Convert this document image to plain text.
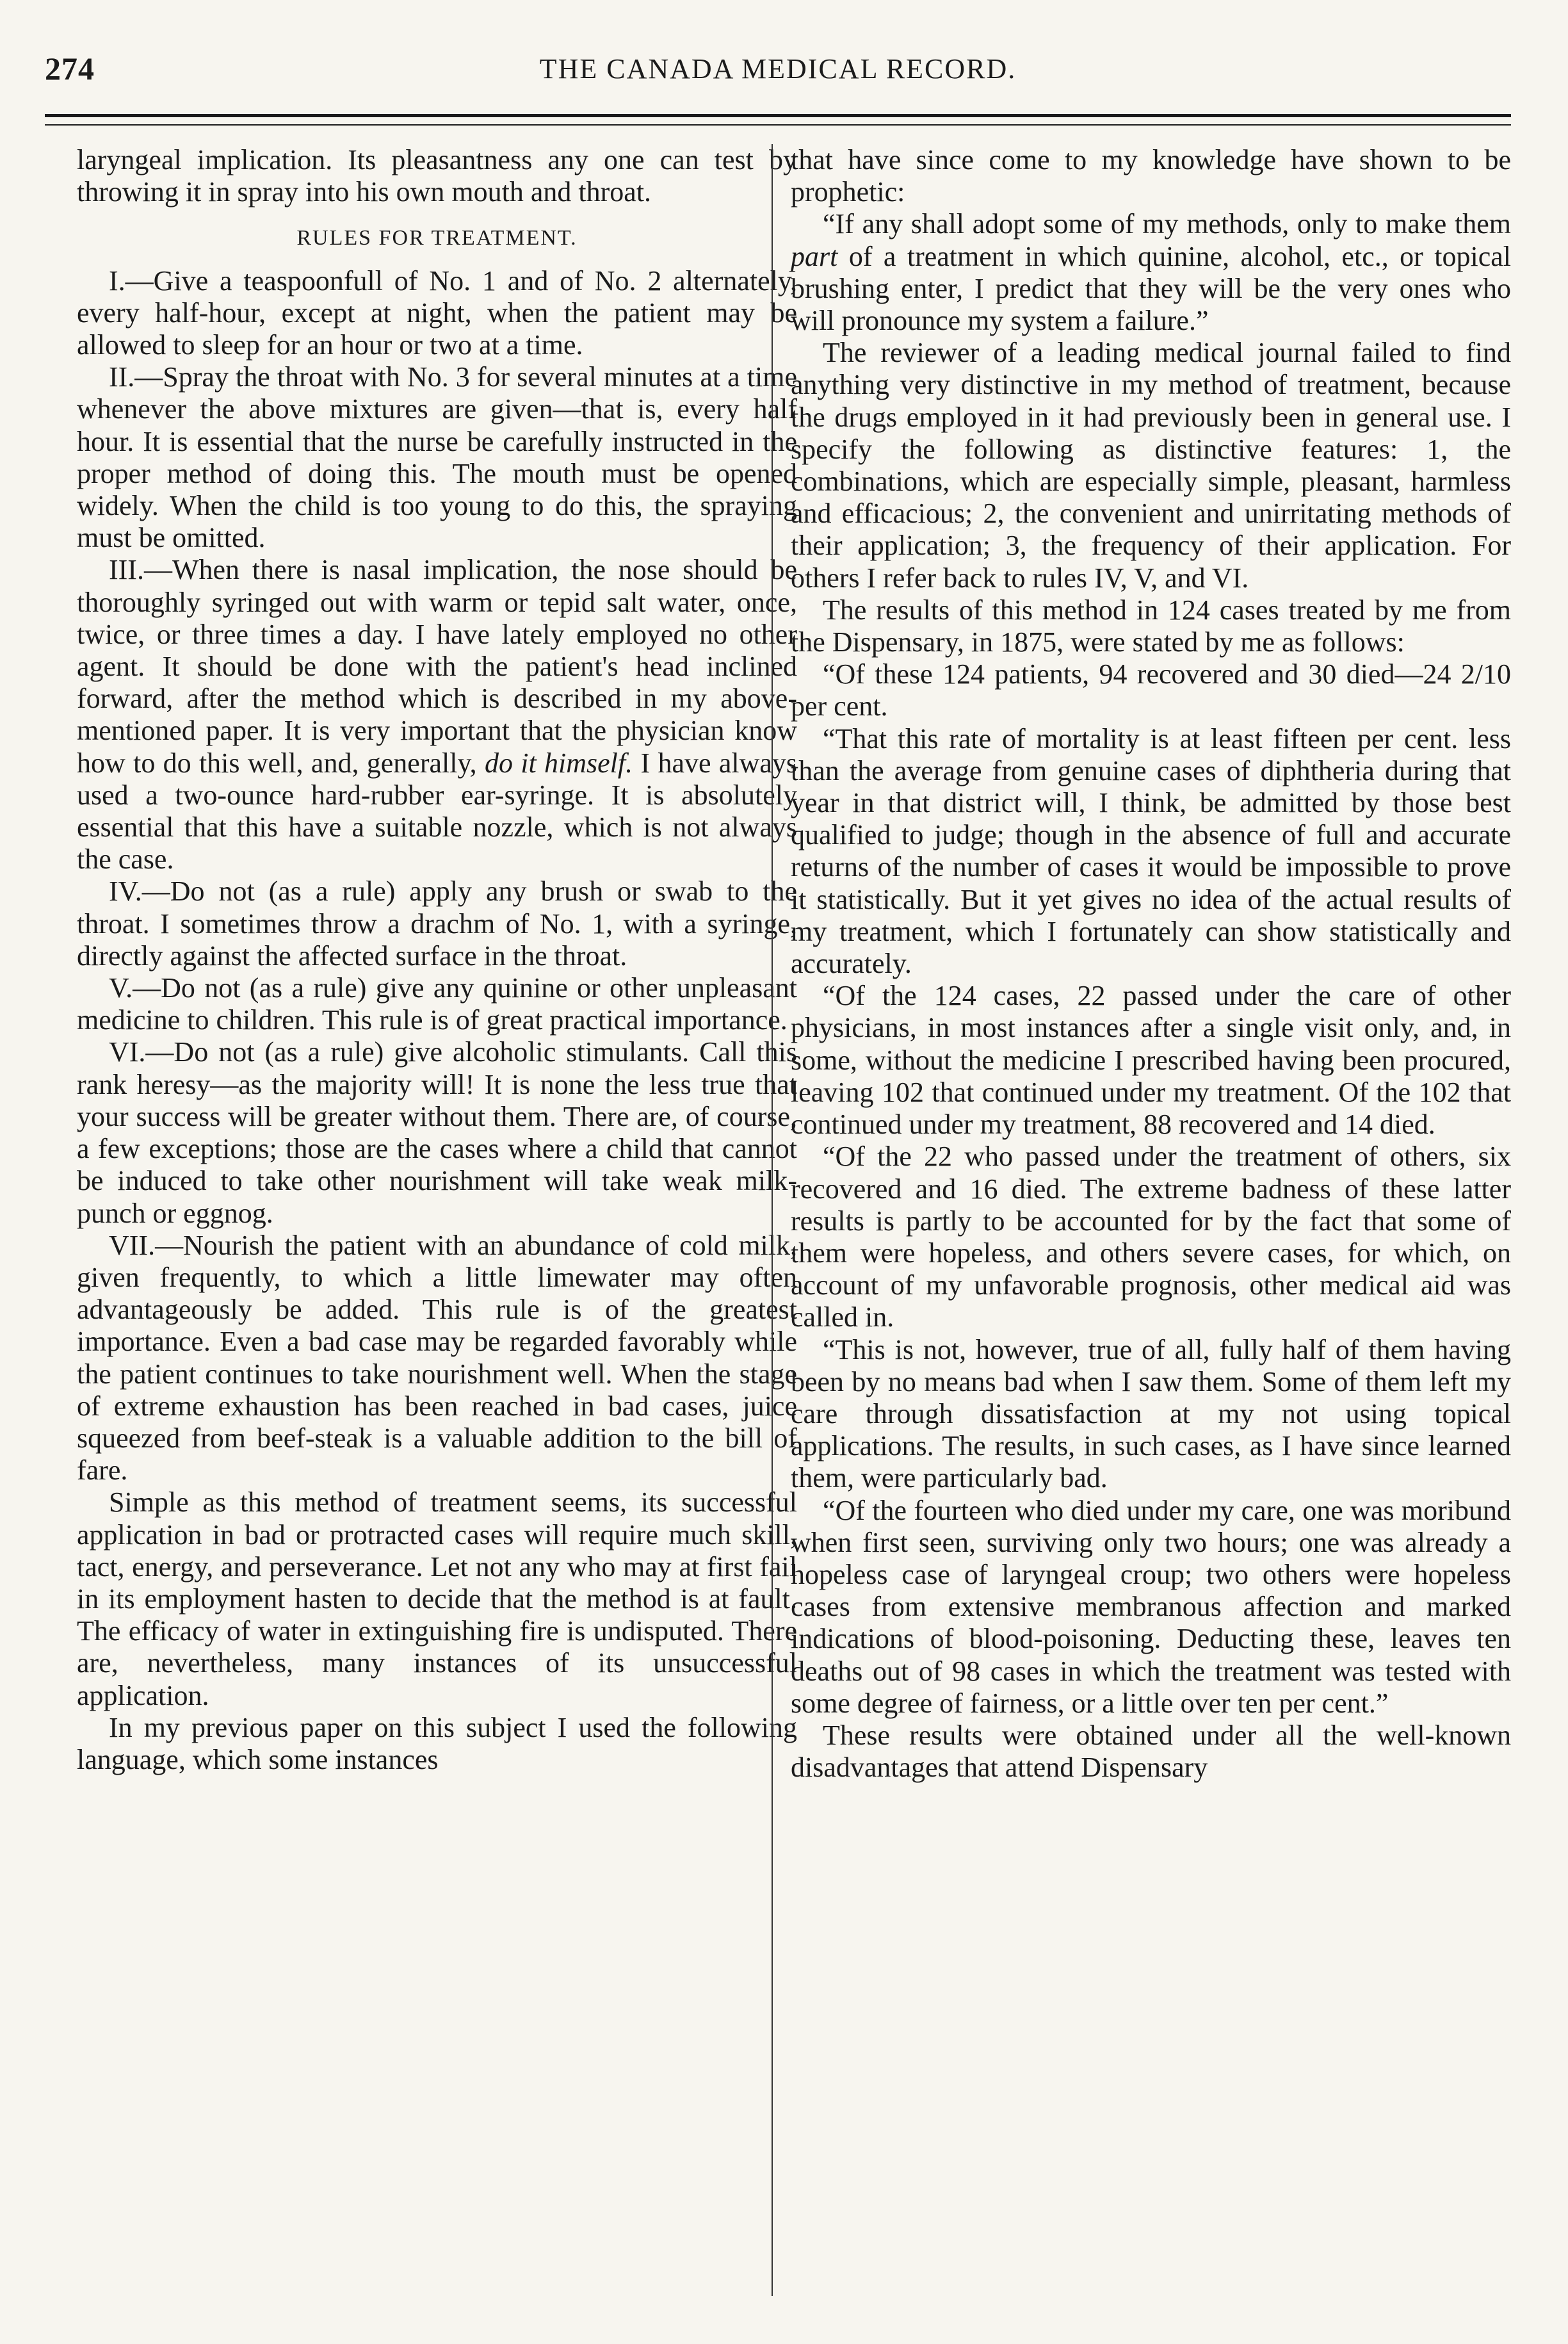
274	THE CANADA MEDICAL RECORD.

laryngeal implication. Its pleasantness any one can test by throwing it in spray into his own mouth and throat.

RULES FOR TREATMENT.

I.—Give a teaspoonfull of No. 1 and of No. 2 alternately, every half-hour, except at night, when the patient may be allowed to sleep for an hour or two at a time.

II.—Spray the throat with No. 3 for several minutes at a time whenever the above mixtures are given—that is, every half hour. It is essential that the nurse be carefully instructed in the proper method of doing this. The mouth must be opened widely. When the child is too young to do this, the spraying must be omitted.

III.—When there is nasal implication, the nose should be thoroughly syringed out with warm or tepid salt water, once, twice, or three times a day. I have lately employed no other agent. It should be done with the patient's head inclined forward, after the method which is described in my above-mentioned paper. It is very important that the physician know how to do this well, and, generally, do it himself. I have always used a two-ounce hard-rubber ear-syringe. It is absolutely essential that this have a suitable nozzle, which is not always the case.

IV.—Do not (as a rule) apply any brush or swab to the throat. I sometimes throw a drachm of No. 1, with a syringe, directly against the affected surface in the throat.

V.—Do not (as a rule) give any quinine or other unpleasant medicine to children. This rule is of great practical importance.

VI.—Do not (as a rule) give alcoholic stimulants. Call this rank heresy—as the majority will! It is none the less true that your success will be greater without them. There are, of course, a few exceptions; those are the cases where a child that cannot be induced to take other nourishment will take weak milk-punch or eggnog.

VII.—Nourish the patient with an abundance of cold milk, given frequently, to which a little limewater may often advantageously be added. This rule is of the greatest importance. Even a bad case may be regarded favorably while the patient continues to take nourishment well. When the stage of extreme exhaustion has been reached in bad cases, juice squeezed from beef-steak is a valuable addition to the bill of fare.

Simple as this method of treatment seems, its successful application in bad or protracted cases will require much skill, tact, energy, and perseverance. Let not any who may at first fail in its employment hasten to decide that the method is at fault. The efficacy of water in extinguishing fire is undisputed. There are, nevertheless, many instances of its unsuccessful application.

In my previous paper on this subject I used the following language, which some instances

that have since come to my knowledge have shown to be prophetic:

“If any shall adopt some of my methods, only to make them part of a treatment in which quinine, alcohol, etc., or topical brushing enter, I predict that they will be the very ones who will pronounce my system a failure.”

The reviewer of a leading medical journal failed to find anything very distinctive in my method of treatment, because the drugs employed in it had previously been in general use. I specify the following as distinctive features: 1, the combinations, which are especially simple, pleasant, harmless and efficacious; 2, the convenient and unirritating methods of their application; 3, the frequency of their application. For others I refer back to rules IV, V, and VI.

The results of this method in 124 cases treated by me from the Dispensary, in 1875, were stated by me as follows:

“Of these 124 patients, 94 recovered and 30 died—24 2/10 per cent.

“That this rate of mortality is at least fifteen per cent. less than the average from genuine cases of diphtheria during that year in that district will, I think, be admitted by those best qualified to judge; though in the absence of full and accurate returns of the number of cases it would be impossible to prove it statistically. But it yet gives no idea of the actual results of my treatment, which I fortunately can show statistically and accurately.

“Of the 124 cases, 22 passed under the care of other physicians, in most instances after a single visit only, and, in some, without the medicine I prescribed having been procured, leaving 102 that continued under my treatment. Of the 102 that continued under my treatment, 88 recovered and 14 died.

“Of the 22 who passed under the treatment of others, six recovered and 16 died. The extreme badness of these latter results is partly to be accounted for by the fact that some of them were hopeless, and others severe cases, for which, on account of my unfavorable prognosis, other medical aid was called in.

“This is not, however, true of all, fully half of them having been by no means bad when I saw them. Some of them left my care through dissatisfaction at my not using topical applications. The results, in such cases, as I have since learned them, were particularly bad.

“Of the fourteen who died under my care, one was moribund when first seen, surviving only two hours; one was already a hopeless case of laryngeal croup; two others were hopeless cases from extensive membranous affection and marked indications of blood-poisoning. Deducting these, leaves ten deaths out of 98 cases in which the treatment was tested with some degree of fairness, or a little over ten per cent.”

These results were obtained under all the well-known disadvantages that attend Dispensary
